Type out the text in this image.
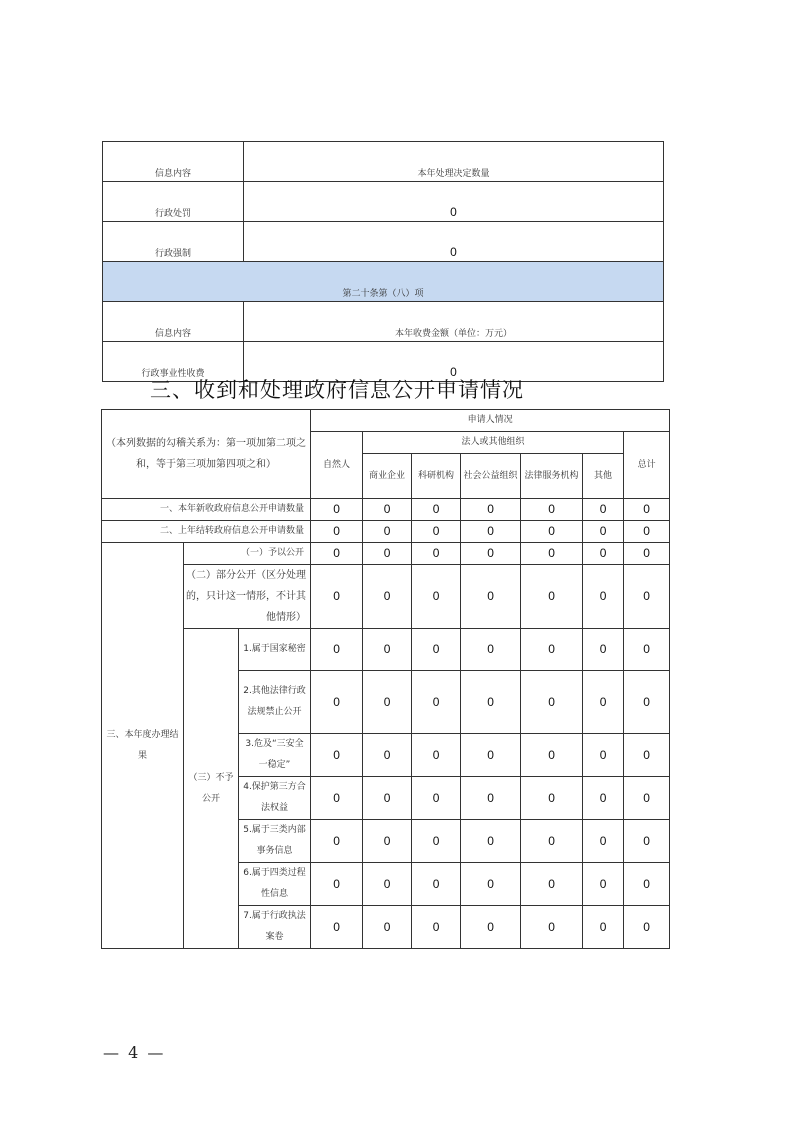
信息内容	本年处理决定数量
行政处罚	0
行政强制	0
第二十条第（八）项	
信息内容	本年收费金额（单位：万元）
行政事业性收费	0
三、收到和处理政府信息公开申请情况
（本列数据的勾稽关系为：第一项加第二项之和，等于第三项加第四项之和）			申请人情况						
			自然人	法人或其他组织					总计
				商业企业	科研机构	社会公益组织	法律服务机构	其他	
一、本年新收政府信息公开申请数量			0	0	0	0	0	0	0
二、上年结转政府信息公开申请数量			0	0	0	0	0	0	0
三、本年度办理结果	（一）予以公开		0	0	0	0	0	0	0
	（二）部分公开（区分处理的，只计这一情形，不计其他情形）		0	0	0	0	0	0	0
	（三）不予公开	1.属于国家秘密	0	0	0	0	0	0	0
		2.其他法律行政法规禁止公开	0	0	0	0	0	0	0
		3.危及“三安全一稳定”	0	0	0	0	0	0	0
		4.保护第三方合法权益	0	0	0	0	0	0	0
		5.属于三类内部事务信息	0	0	0	0	0	0	0
		6.属于四类过程性信息	0	0	0	0	0	0	0
		7.属于行政执法案卷	0	0	0	0	0	0	0
— 4 —
